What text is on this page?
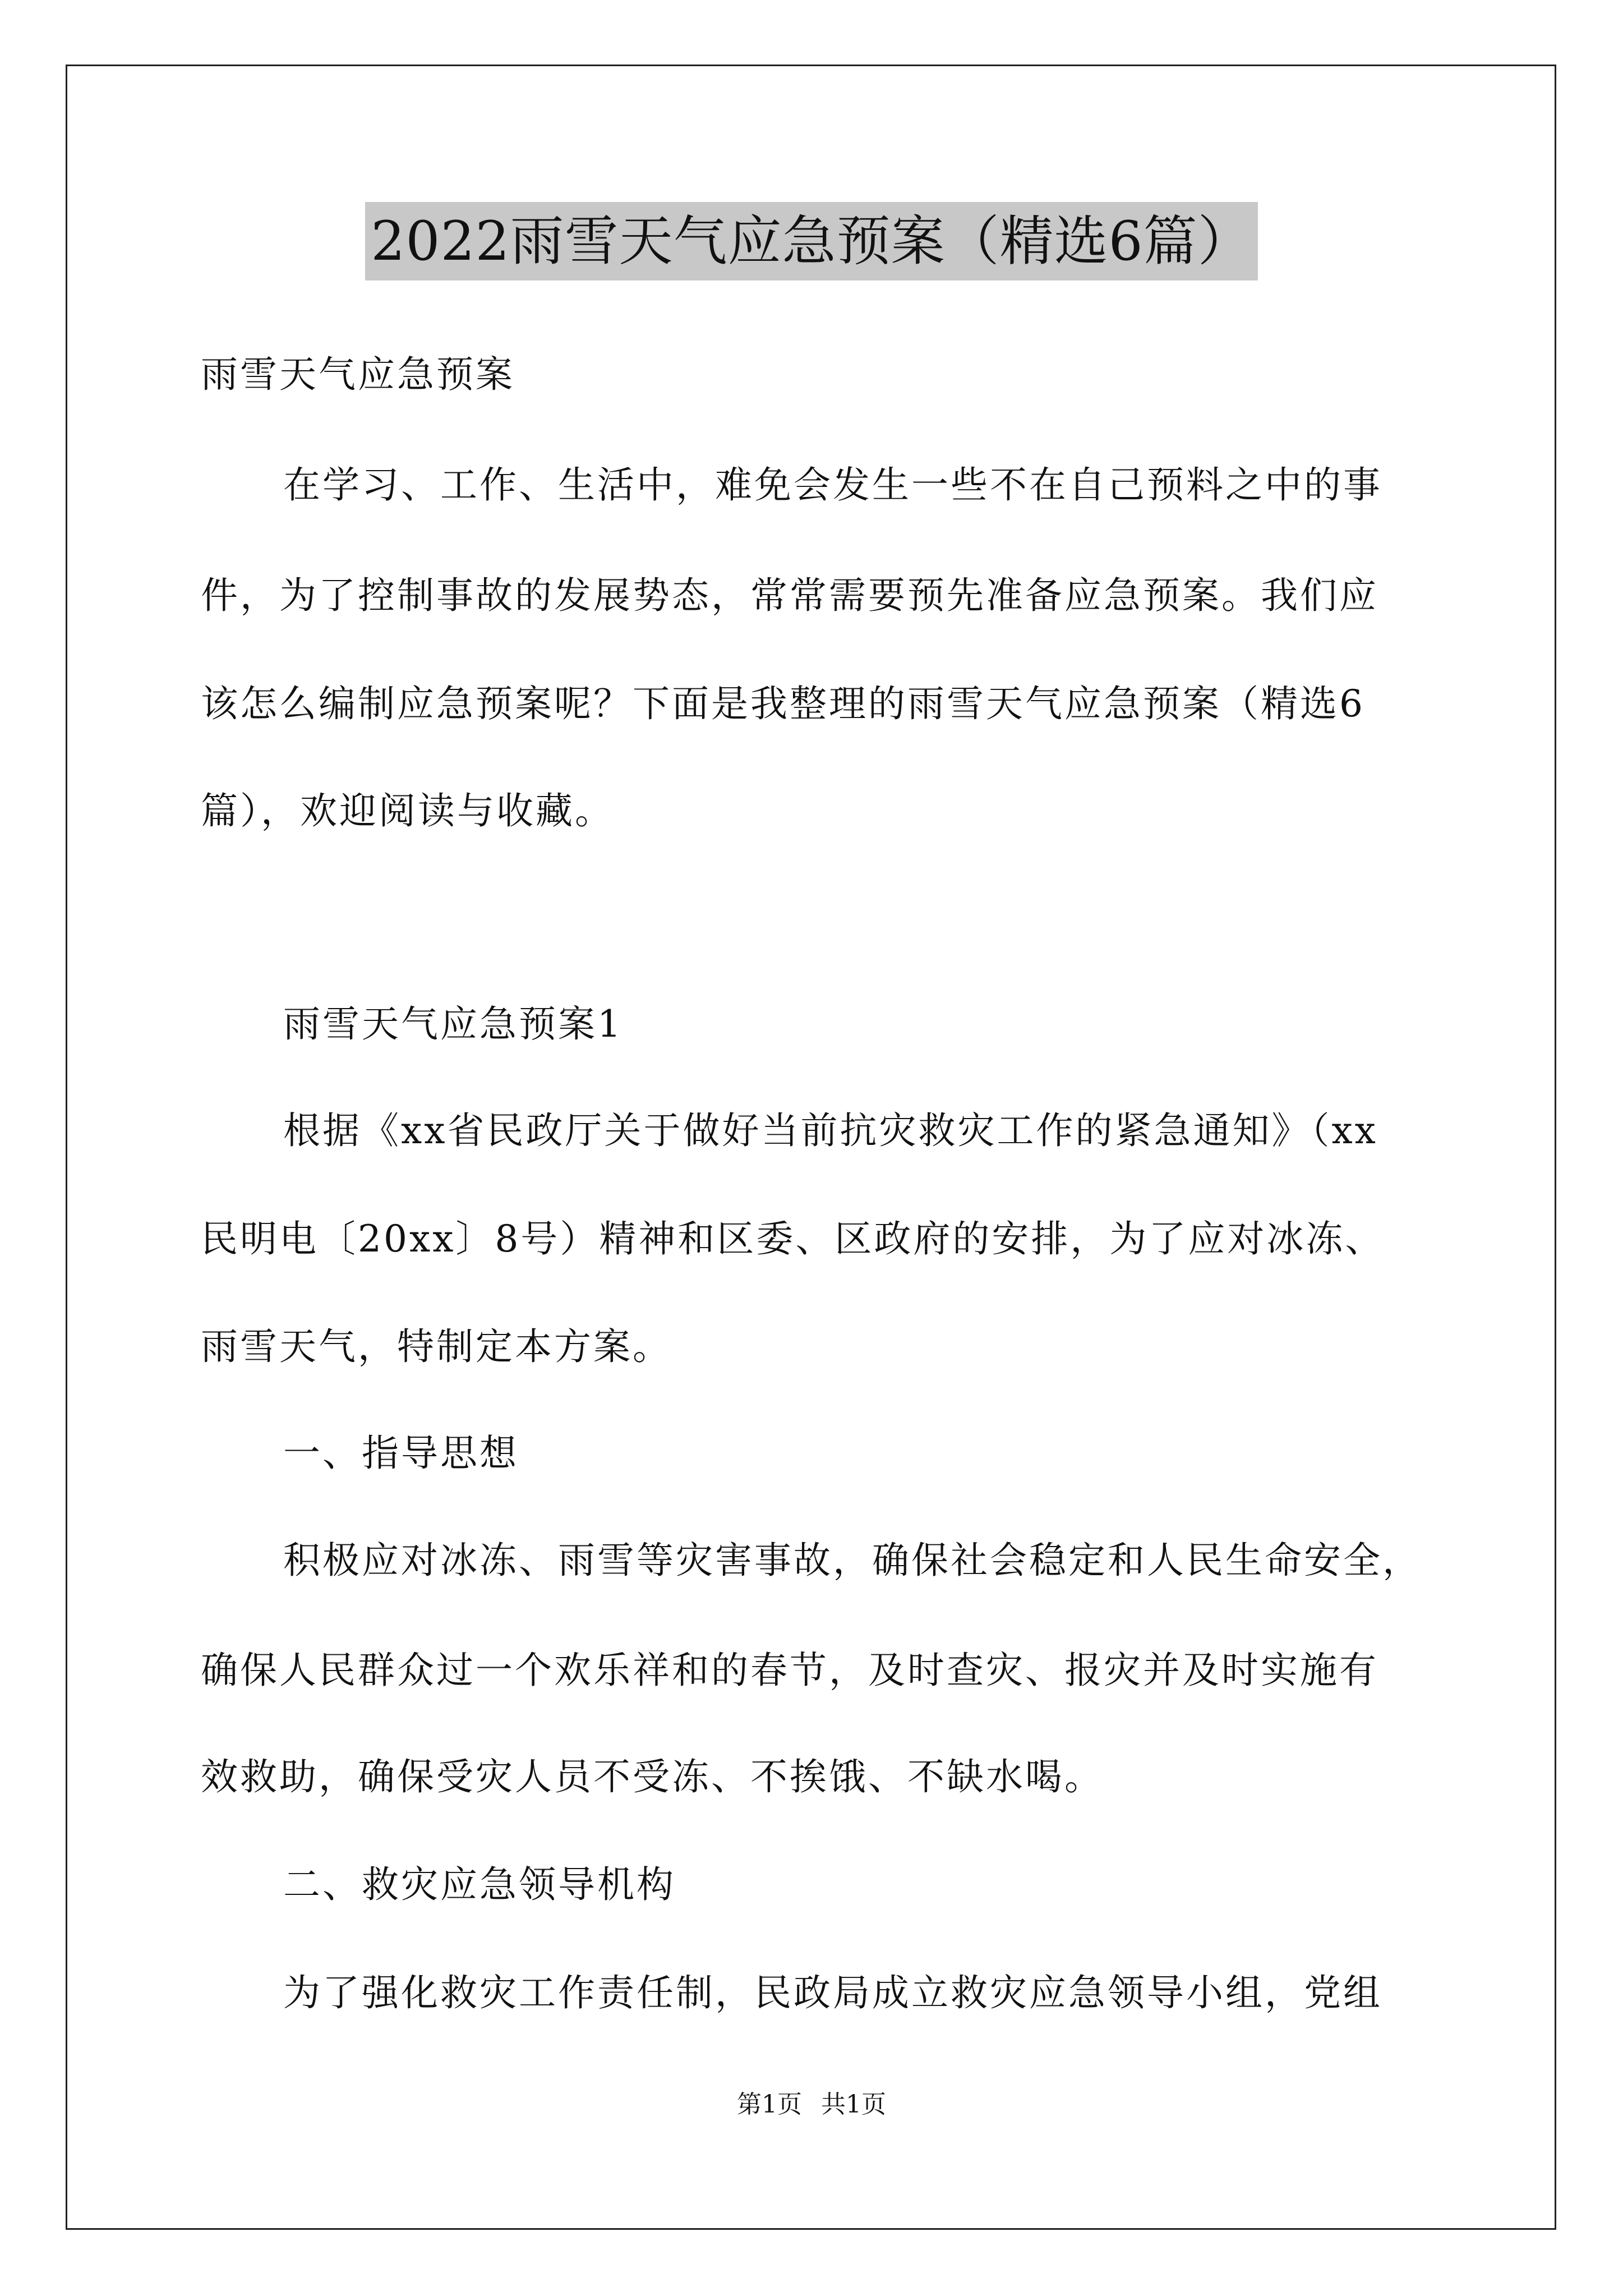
2022雨雪天气应急预案（精选6篇）
雨雪天气应急预案
在学习、工作、生活中，难免会发生一些不在自己预料之中的事
件，为了控制事故的发展势态，常常需要预先准备应急预案。我们应
该怎么编制应急预案呢？下面是我整理的雨雪天气应急预案（精选6
篇），欢迎阅读与收藏。
雨雪天气应急预案1
根据《xx省民政厅关于做好当前抗灾救灾工作的紧急通知》（xx
民明电〔20xx〕8号）精神和区委、区政府的安排，为了应对冰冻、
雨雪天气，特制定本方案。
一、指导思想
积极应对冰冻、雨雪等灾害事故，确保社会稳定和人民生命安全，
确保人民群众过一个欢乐祥和的春节，及时查灾、报灾并及时实施有
效救助，确保受灾人员不受冻、不挨饿、不缺水喝。
二、救灾应急领导机构
为了强化救灾工作责任制，民政局成立救灾应急领导小组，党组
第1页 共1页
